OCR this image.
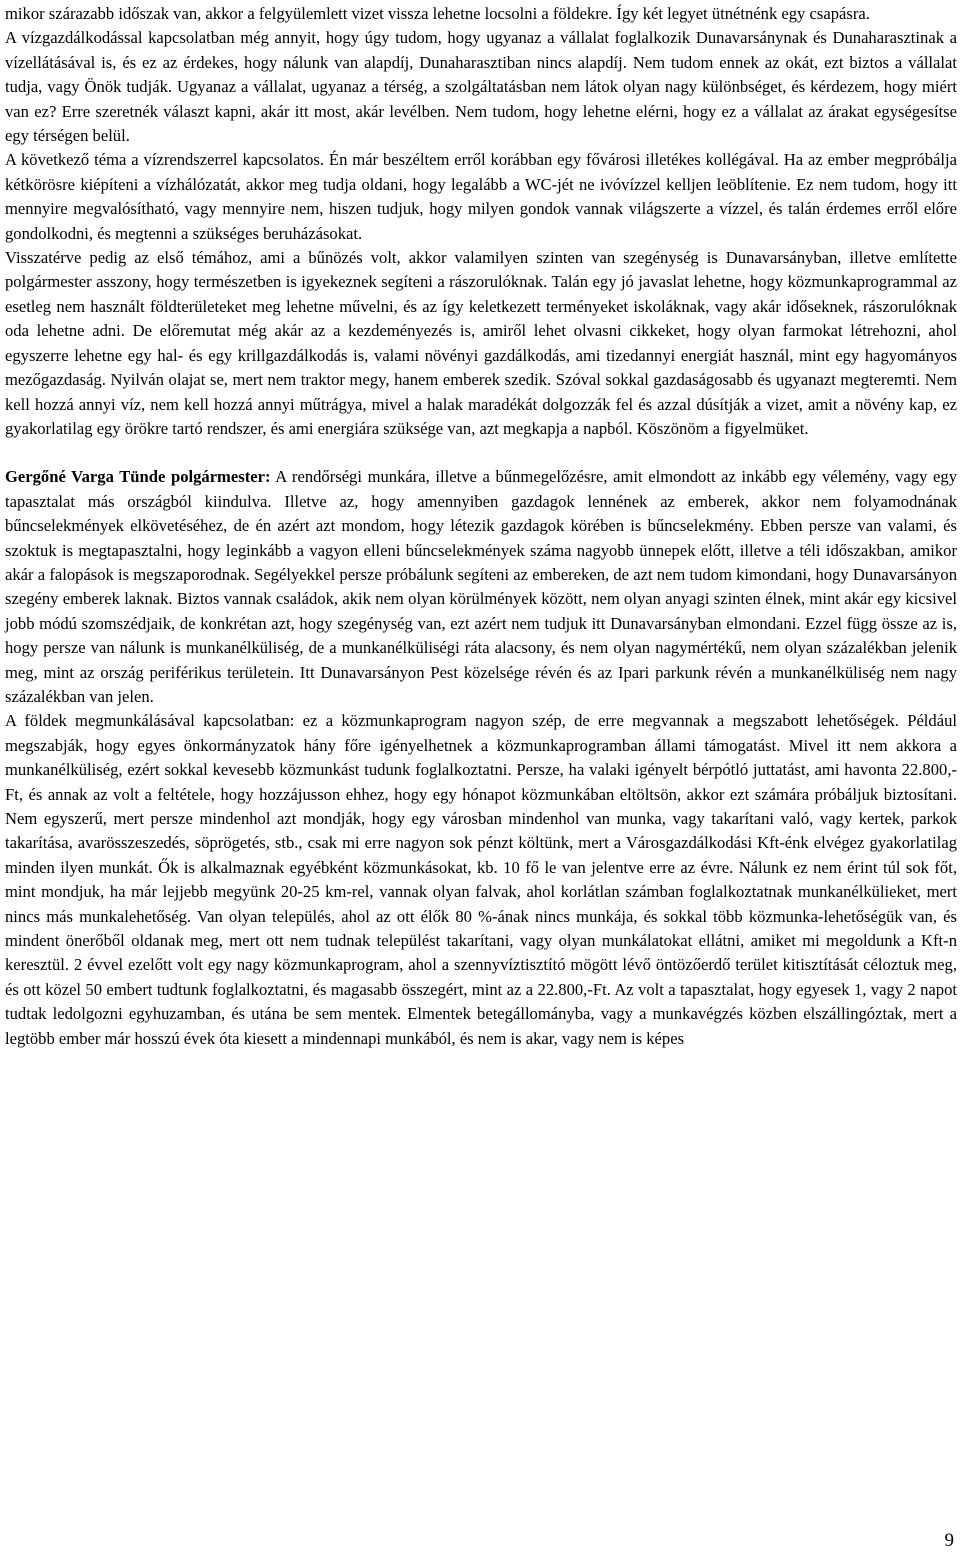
mikor szárazabb időszak van, akkor a felgyülemlett vizet vissza lehetne locsolni a földekre. Így két legyet ütnétnénk egy csapásra.

A vízgazdálkodással kapcsolatban még annyit, hogy úgy tudom, hogy ugyanaz a vállalat foglalkozik Dunavarsánynak és Dunaharasztinak a vízellátásával is, és ez az érdekes, hogy nálunk van alapdíj, Dunaharasztiban nincs alapdíj. Nem tudom ennek az okát, ezt biztos a vállalat tudja, vagy Önök tudják. Ugyanaz a vállalat, ugyanaz a térség, a szolgáltatásban nem látok olyan nagy különbséget, és kérdezem, hogy miért van ez? Erre szeretnék választ kapni, akár itt most, akár levélben. Nem tudom, hogy lehetne elérni, hogy ez a vállalat az árakat egységesítse egy térségen belül.

A következő téma a vízrendszerrel kapcsolatos. Én már beszéltem erről korábban egy fővárosi illetékes kollégával. Ha az ember megpróbálja kétkörösre kiépíteni a vízhálózatát, akkor meg tudja oldani, hogy legalább a WC-jét ne ivóvízzel kelljen leöblítenie. Ez nem tudom, hogy itt mennyire megvalósítható, vagy mennyire nem, hiszen tudjuk, hogy milyen gondok vannak világszerte a vízzel, és talán érdemes erről előre gondolkodni, és megtenni a szükséges beruházásokat.

Visszatérve pedig az első témához, ami a bűnözés volt, akkor valamilyen szinten van szegénység is Dunavarsányban, illetve említette polgármester asszony, hogy természetben is igyekeznek segíteni a rászorulóknak. Talán egy jó javaslat lehetne, hogy közmunkaprogrammal az esetleg nem használt földterületeket meg lehetne művelni, és az így keletkezett terményeket iskoláknak, vagy akár időseknek, rászorulóknak oda lehetne adni. De előremutat még akár az a kezdeményezés is, amiről lehet olvasni cikkeket, hogy olyan farmokat létrehozni, ahol egyszerre lehetne egy hal- és egy krillgazdálkodás is, valami növényi gazdálkodás, ami tizedannyi energiát használ, mint egy hagyományos mezőgazdaság. Nyilván olajat se, mert nem traktor megy, hanem emberek szedik. Szóval sokkal gazdaságosabb és ugyanazt megteremti. Nem kell hozzá annyi víz, nem kell hozzá annyi műtrágya, mivel a halak maradékát dolgozzák fel és azzal dúsítják a vizet, amit a növény kap, ez gyakorlatilag egy örökre tartó rendszer, és ami energiára szüksége van, azt megkapja a napból. Köszönöm a figyelmüket.

Gergőné Varga Tünde polgármester: A rendőrségi munkára, illetve a bűnmegelőzésre, amit elmondott az inkább egy vélemény, vagy egy tapasztalat más országból kiindulva. Illetve az, hogy amennyiben gazdagok lennének az emberek, akkor nem folyamodnának bűncselekmények elkövetéséhez, de én azért azt mondom, hogy létezik gazdagok körében is bűncselekmény. Ebben persze van valami, és szoktuk is megtapasztalni, hogy leginkább a vagyon elleni bűncselekmények száma nagyobb ünnepek előtt, illetve a téli időszakban, amikor akár a falopások is megszaporodnak. Segélyekkel persze próbálunk segíteni az embereken, de azt nem tudom kimondani, hogy Dunavarsányon szegény emberek laknak. Biztos vannak családok, akik nem olyan körülmények között, nem olyan anyagi szinten élnek, mint akár egy kicsivel jobb módú szomszédjaik, de konkrétan azt, hogy szegénység van, ezt azért nem tudjuk itt Dunavarsányban elmondani. Ezzel függ össze az is, hogy persze van nálunk is munkanélküliség, de a munkanélküliségi ráta alacsony, és nem olyan nagymértékű, nem olyan százalékban jelenik meg, mint az ország periférikus területein. Itt Dunavarsányon Pest közelsége révén és az Ipari parkunk révén a munkanélküliség nem nagy százalékban van jelen.

A földek megmunkálásával kapcsolatban: ez a közmunkaprogram nagyon szép, de erre megvannak a megszabott lehetőségek. Például megszabják, hogy egyes önkormányzatok hány főre igényelhetnek a közmunkaprogramban állami támogatást. Mivel itt nem akkora a munkanélküliség, ezért sokkal kevesebb közmunkást tudunk foglalkoztatni. Persze, ha valaki igényelt bérpótló juttatást, ami havonta 22.800,-Ft, és annak az volt a feltétele, hogy hozzájusson ehhez, hogy egy hónapot közmunkában eltöltsön, akkor ezt számára próbáljuk biztosítani. Nem egyszerű, mert persze mindenhol azt mondják, hogy egy városban mindenhol van munka, vagy takarítani való, vagy kertek, parkok takarítása, avarösszeszedés, söprögetés, stb., csak mi erre nagyon sok pénzt költünk, mert a Városgazdálkodási Kft-énk elvégez gyakorlatilag minden ilyen munkát. Ők is alkalmaznak egyébként közmunkásokat, kb. 10 fő le van jelentve erre az évre. Nálunk ez nem érint túl sok főt, mint mondjuk, ha már lejjebb megyünk 20-25 km-rel, vannak olyan falvak, ahol korlátlan számban foglalkoztatnak munkanélkülieket, mert nincs más munkalehetőség. Van olyan település, ahol az ott élők 80 %-ának nincs munkája, és sokkal több közmunka-lehetőségük van, és mindent önerőből oldanak meg, mert ott nem tudnak települést takarítani, vagy olyan munkálatokat ellátni, amiket mi megoldunk a Kft-n keresztül. 2 évvel ezelőtt volt egy nagy közmunkaprogram, ahol a szennyvíztisztító mögött lévő öntözőerdő terület kitisztítását céloztuk meg, és ott közel 50 embert tudtunk foglalkoztatni, és magasabb összegért, mint az a 22.800,-Ft. Az volt a tapasztalat, hogy egyesek 1, vagy 2 napot tudtak ledolgozni egyhuzamban, és utána be sem mentek. Elmentek betegállományba, vagy a munkavégzés közben elszállingóztak, mert a legtöbb ember már hosszú évek óta kiesett a mindennapi munkából, és nem is akar, vagy nem is képes

9
